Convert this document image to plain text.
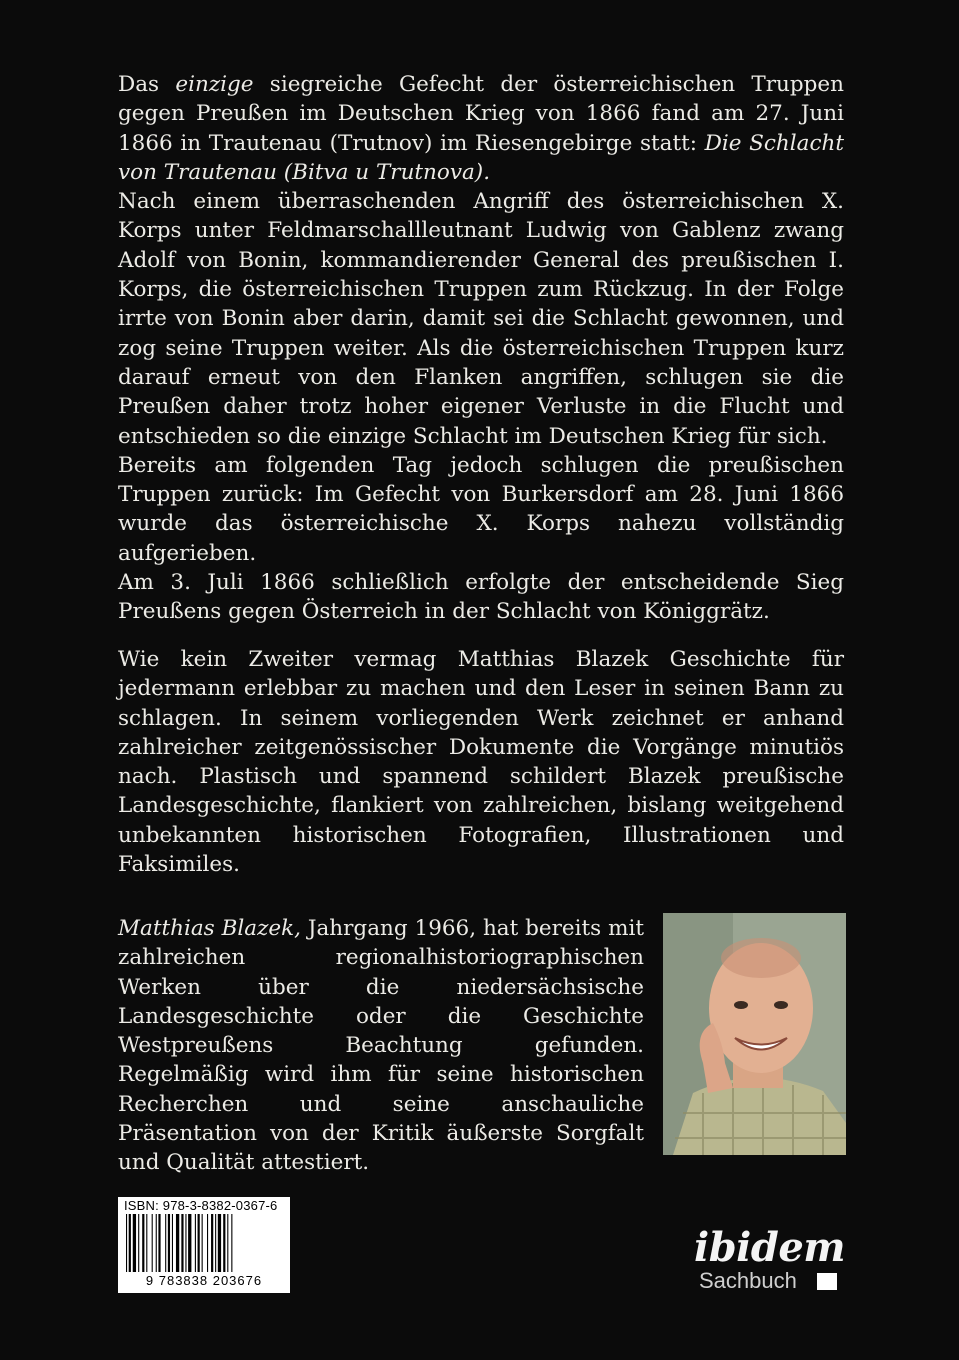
Das einzige siegreiche Gefecht der österreichischen Truppen gegen Preußen im Deutschen Krieg von 1866 fand am 27. Juni 1866 in Trautenau (Trutnov) im Riesengebirge statt: Die Schlacht von Trautenau (Bitva u Trutnova).

Nach einem überraschenden Angriff des österreichischen X. Korps unter Feldmarschallleutnant Ludwig von Gablenz zwang Adolf von Bonin, kommandierender General des preußischen I. Korps, die österreichischen Truppen zum Rückzug. In der Folge irrte von Bonin aber darin, damit sei die Schlacht gewonnen, und zog seine Truppen weiter. Als die österreichischen Truppen kurz darauf erneut von den Flanken angriffen, schlugen sie die Preußen daher trotz hoher eigener Verluste in die Flucht und entschieden so die einzige Schlacht im Deutschen Krieg für sich.

Bereits am folgenden Tag jedoch schlugen die preußischen Truppen zurück: Im Gefecht von Burkersdorf am 28. Juni 1866 wurde das österreichische X. Korps nahezu vollständig aufgerieben.

Am 3. Juli 1866 schließlich erfolgte der entscheidende Sieg Preußens gegen Österreich in der Schlacht von Königgrätz.

Wie kein Zweiter vermag Matthias Blazek Geschichte für jedermann erlebbar zu machen und den Leser in seinen Bann zu schlagen. In seinem vorliegenden Werk zeichnet er anhand zahlreicher zeitgenössischer Dokumente die Vorgänge minutiös nach. Plastisch und spannend schildert Blazek preußische Landesgeschichte, flankiert von zahlreichen, bislang weitgehend unbekannten historischen Fotografien, Illustrationen und Faksimiles.

Matthias Blazek, Jahrgang 1966, hat bereits mit zahlreichen regionalhistoriographischen Werken über die niedersächsische Landesgeschichte oder die Geschichte Westpreußens Beachtung gefunden. Regelmäßig wird ihm für seine historischen Recherchen und seine anschauliche Präsentation von der Kritik äußerste Sorgfalt und Qualität attestiert.

ISBN: 978-3-8382-0367-6
9 783838 203676
ibidem
Sachbuch
